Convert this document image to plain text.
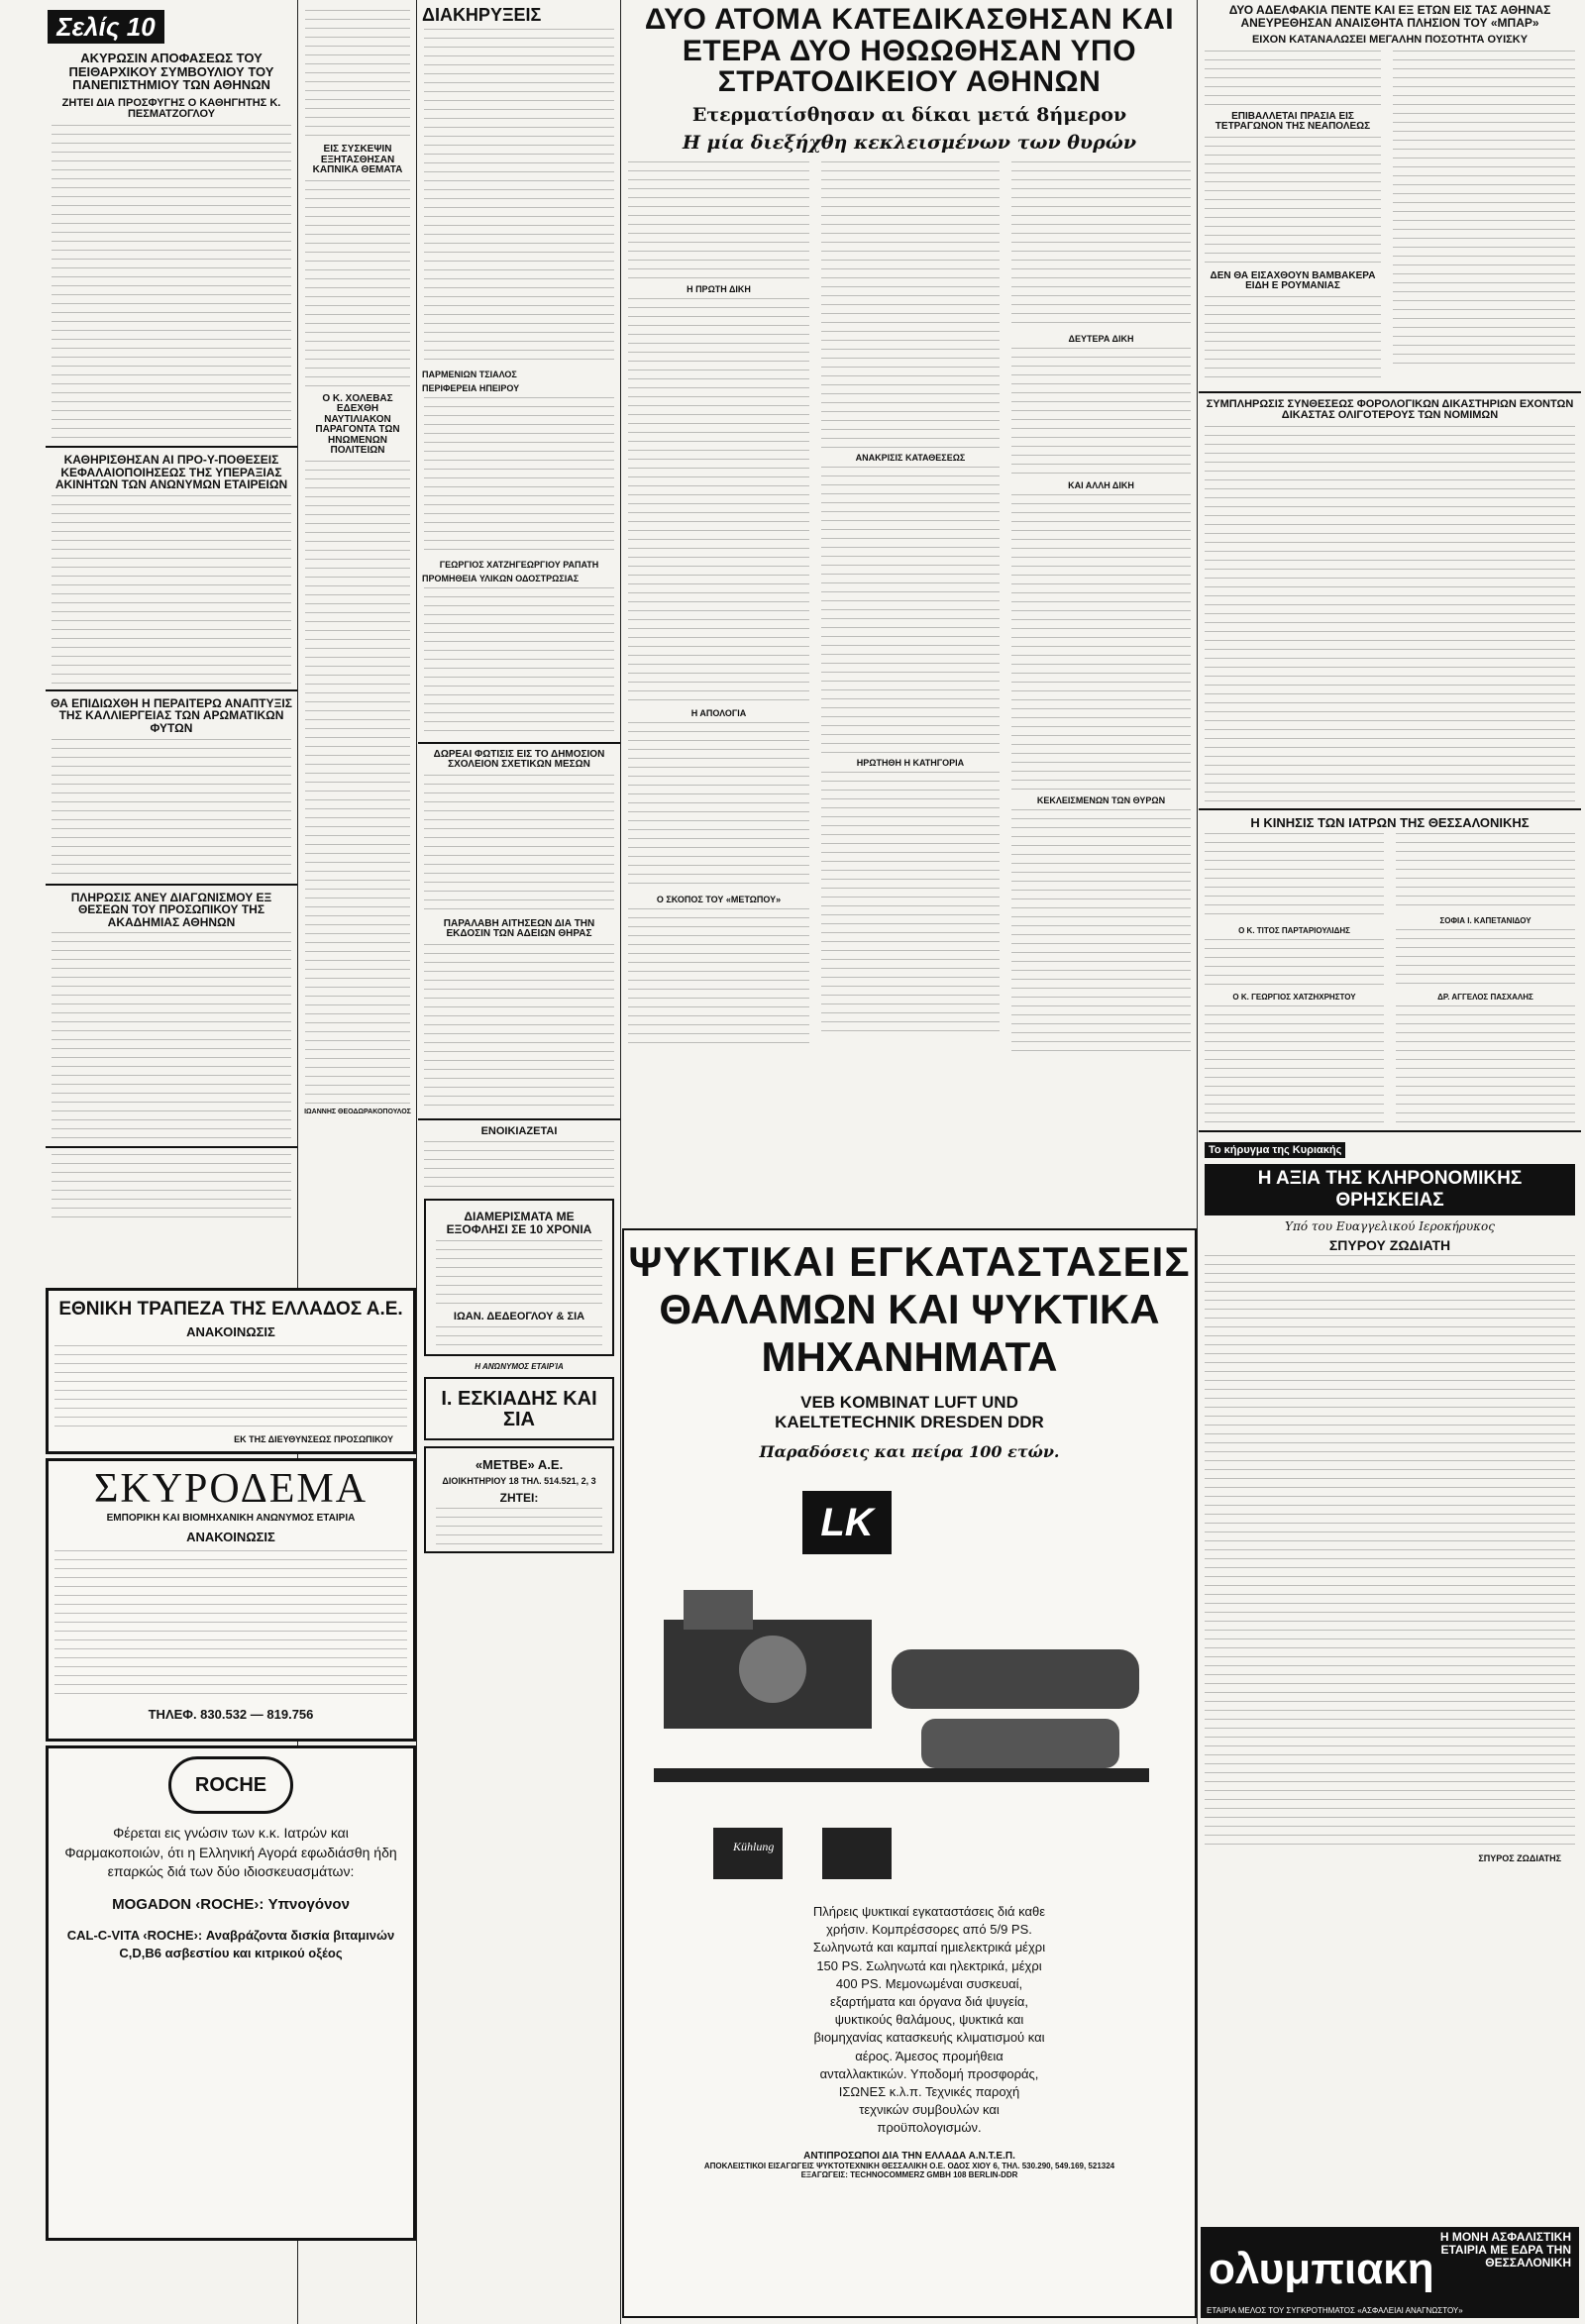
Σελίς 10
ΑΚΥΡΩΣΙΝ ΑΠΟΦΑΣΕΩΣ ΤΟΥ ΠΕΙΘΑΡΧΙΚΟΥ ΣΥΜΒΟΥΛΙΟΥ ΤΟΥ ΠΑΝΕΠΙΣΤΗΜΙΟΥ ΤΩΝ ΑΘΗΝΩΝ
ΖΗΤΕΙ ΔΙΑ ΠΡΟΣΦΥΓΗΣ Ο ΚΑΘΗΓΗΤΗΣ Κ. ΠΕΣΜΑΤΖΟΓΛΟΥ
ΚΑΘΗΡΙΣΘΗΣΑΝ ΑΙ ΠΡΟ-Υ-ΠΟΘΕΣΕΙΣ ΚΕΦΑΛΑΙΟΠΟΙΗΣΕΩΣ ΤΗΣ ΥΠΕΡΑΞΙΑΣ ΑΚΙΝΗΤΩΝ ΤΩΝ ΑΝΩΝΥΜΩΝ ΕΤΑΙΡΕΙΩΝ
ΘΑ ΕΠΙΔΙΩΧΘΗ Η ΠΕΡΑΙΤΕΡΩ ΑΝΑΠΤΥΞΙΣ ΤΗΣ ΚΑΛΛΙΕΡΓΕΙΑΣ ΤΩΝ ΑΡΩΜΑΤΙΚΩΝ ΦΥΤΩΝ
ΠΛΗΡΩΣΙΣ ΑΝΕΥ ΔΙΑΓΩΝΙΣΜΟΥ ΕΞ ΘΕΣΕΩΝ ΤΟΥ ΠΡΟΣΩΠΙΚΟΥ ΤΗΣ ΑΚΑΔΗΜΙΑΣ ΑΘΗΝΩΝ
ΕΘΝΙΚΗ ΤΡΑΠΕΖΑ ΤΗΣ ΕΛΛΑΔΟΣ Α.Ε.
ΑΝΑΚΟΙΝΩΣΙΣ
ΕΚ ΤΗΣ ΔΙΕΥΘΥΝΣΕΩΣ ΠΡΟΣΩΠΙΚΟΥ
ΣΚΥΡΟΔΕΜΑ
ΕΜΠΟΡΙΚΗ ΚΑΙ ΒΙΟΜΗΧΑΝΙΚΗ ΑΝΩΝΥΜΟΣ ΕΤΑΙΡΙΑ
ΑΝΑΚΟΙΝΩΣΙΣ
ΤΗΛΕΦ. 830.532 — 819.756
ROCHE
Φέρεται εις γνώσιν των κ.κ. Ιατρών και Φαρμακοποιών, ότι η Ελληνική Αγορά εφωδιάσθη ήδη επαρκώς διά των δύο ιδιοσκευασμάτων:
MOGADON ‹ROCHE›: Υπνογόνον
CAL-C-VITA ‹ROCHE›: Αναβράζοντα δισκία βιταμινών C,D,B6 ασβεστίου και κιτρικού οξέος
ΕΙΣ ΣΥΣΚΕΨΙΝ ΕΞΗΤΑΣΘΗΣΑΝ ΚΑΠΝΙΚΑ ΘΕΜΑΤΑ
Ο Κ. ΧΟΛΕΒΑΣ ΕΔΕΧΘΗ ΝΑΥΤΙΛΙΑΚΟΝ ΠΑΡΑΓΟΝΤΑ ΤΩΝ ΗΝΩΜΕΝΩΝ ΠΟΛΙΤΕΙΩΝ
ΙΩΑΝΝΗΣ ΘΕΟΔΩΡΑΚΟΠΟΥΛΟΣ
ΔΙΑΚΗΡΥΞΕΙΣ
ΠΑΡΜΕΝΙΩΝ ΤΣΙΑΛΟΣ
ΠΕΡΙΦΕΡΕΙΑ ΗΠΕΙΡΟΥ
ΓΕΩΡΓΙΟΣ ΧΑΤΖΗΓΕΩΡΓΙΟΥ ΡΑΠΑΤΗ
ΠΡΟΜΗΘΕΙΑ ΥΛΙΚΩΝ ΟΔΟΣΤΡΩΣΙΑΣ
ΔΩΡΕΑΙ ΦΩΤΙΣΙΣ ΕΙΣ ΤΟ ΔΗΜΟΣΙΟΝ ΣΧΟΛΕΙΟΝ ΣΧΕΤΙΚΩΝ ΜΕΣΩΝ
ΠΑΡΑΛΑΒΗ ΑΙΤΗΣΕΩΝ ΔΙΑ ΤΗΝ ΕΚΔΟΣΙΝ ΤΩΝ ΑΔΕΙΩΝ ΘΗΡΑΣ
ΕΝΟΙΚΙΑΖΕΤΑΙ
ΔΙΑΜΕΡΙΣΜΑΤΑ ΜΕ ΕΞΟΦΛΗΣΙ ΣΕ 10 ΧΡΟΝΙΑ
ΙΩΑΝ. ΔΕΔΕΟΓΛΟΥ & ΣΙΑ
Η ΑΝΏΝΥΜΟΣ ΕΤΑΙΡΊΑ
Ι. ΕΣΚΙΑΔΗΣ ΚΑΙ ΣΙΑ
«ΜΕΤΒΕ» Α.Ε.
ΔΙΟΙΚΗΤΗΡΙΟΥ 18 ΤΗΛ. 514.521, 2, 3
ΖΗΤΕΙ:
ΔΥΟ ΑΤΟΜΑ ΚΑΤΕΔΙΚΑΣΘΗΣΑΝ ΚΑΙ ΕΤΕΡΑ ΔΥΟ ΗΘΩΩΘΗΣΑΝ ΥΠΟ ΣΤΡΑΤΟΔΙΚΕΙΟΥ ΑΘΗΝΩΝ
Ετερματίσθησαν αι δίκαι μετά 8ήμερον
Η μία διεξήχθη κεκλεισμένων των θυρών
Η ΠΡΩΤΗ ΔΙΚΗ
Η ΑΠΟΛΟΓΙΑ
Ο ΣΚΟΠΟΣ ΤΟΥ «ΜΕΤΩΠΟΥ»
ΑΝΑΚΡΙΣΙΣ ΚΑΤΑΘΕΣΕΩΣ
ΗΡΩΤΗΘΗ Η ΚΑΤΗΓΟΡΙΑ
ΔΕΥΤΕΡΑ ΔΙΚΗ
ΚΑΙ ΑΛΛΗ ΔΙΚΗ
ΚΕΚΛΕΙΣΜΕΝΩΝ ΤΩΝ ΘΥΡΩΝ
ΨΥΚΤΙΚΑΙ ΕΓΚΑΤΑΣΤΑΣΕΙΣ
ΘΑΛΑΜΩΝ ΚΑΙ ΨΥΚΤΙΚΑ
ΜΗΧΑΝΗΜΑΤΑ
VEB KOMBINAT LUFT UND
KAELTETECHNIK DRESDEN DDR
Παραδόσεις και πείρα 100 ετών.
LK
Kühlung
Πλήρεις ψυκτικαί εγκαταστάσεις διά καθε χρήσιν. Κομπρέσσορες από 5/9 PS. Σωληνωτά και καμπαί ημιελεκτρικά μέχρι 150 PS. Σωληνωτά και ηλεκτρικά, μέχρι 400 PS. Μεμονωμέναι συσκευαί, εξαρτήματα και όργανα διά ψυγεία, ψυκτικούς θαλάμους, ψυκτικά και βιομηχανίας κατασκευής κλιματισμού και αέρος. Άμεσος προμήθεια ανταλλακτικών. Υποδομή προσφοράς, ΙΣΩΝΕΣ κ.λ.π. Τεχνικές παροχή τεχνικών συμβουλών και προϋπολογισμών.
ΑΝΤΙΠΡΟΣΩΠΟΙ ΔΙΑ ΤΗΝ ΕΛΛΑΔΑ Α.Ν.Τ.Ε.Π.
ΑΠΟΚΛΕΙΣΤΙΚΟΙ ΕΙΣΑΓΩΓΕΙΣ ΨΥΚΤΟΤΕΧΝΙΚΗ ΘΕΣΣΑΛΙΚΗ Ο.Ε. ΟΔΟΣ ΧΙΟΥ 6, ΤΗΛ. 530.290, 549.169, 521324
ΕΞΑΓΩΓΕΙΣ: TECHNOCOMMERZ GMBH 108 BERLIN-DDR
ΔΥΟ ΑΔΕΛΦΑΚΙΑ ΠΕΝΤΕ ΚΑΙ ΕΞ ΕΤΩΝ ΕΙΣ ΤΑΣ ΑΘΗΝΑΣ ΑΝΕΥΡΕΘΗΣΑΝ ΑΝΑΙΣΘΗΤΑ ΠΛΗΣΙΟΝ ΤΟΥ «ΜΠΑΡ»
ΕΙΧΟΝ ΚΑΤΑΝΑΛΩΣΕΙ ΜΕΓΑΛΗΝ ΠΟΣΟΤΗΤΑ ΟΥΙΣΚΥ
ΕΠΙΒΑΛΛΕΤΑΙ ΠΡΑΣΙΑ ΕΙΣ ΤΕΤΡΑΓΩΝΟΝ ΤΗΣ ΝΕΑΠΟΛΕΩΣ
ΔΕΝ ΘΑ ΕΙΣΑΧΘΟΥΝ ΒΑΜΒΑΚΕΡΑ ΕΙΔΗ Ε ΡΟΥΜΑΝΙΑΣ
ΣΥΜΠΛΗΡΩΣΙΣ ΣΥΝΘΕΣΕΩΣ ΦΟΡΟΛΟΓΙΚΩΝ ΔΙΚΑΣΤΗΡΙΩΝ ΕΧΟΝΤΩΝ ΔΙΚΑΣΤΑΣ ΟΛΙΓΟΤΕΡΟΥΣ ΤΩΝ ΝΟΜΙΜΩΝ
Η ΚΙΝΗΣΙΣ ΤΩΝ ΙΑΤΡΩΝ ΤΗΣ ΘΕΣΣΑΛΟΝΙΚΗΣ
Ο Κ. ΤΙΤΟΣ ΠΑΡΤΑΡΙΟΥΛΙΔΗΣ
Ο Κ. ΓΕΩΡΓΙΟΣ ΧΑΤΖΗΧΡΗΣΤΟΥ
ΣΟΦΙΑ Ι. ΚΑΠΕΤΑΝΙΔΟΥ
ΔΡ. ΑΓΓΕΛΟΣ ΠΑΣΧΑΛΗΣ
Το κήρυγμα της Κυριακής
Η ΑΞΙΑ ΤΗΣ ΚΛΗΡΟΝΟΜΙΚΗΣ ΘΡΗΣΚΕΙΑΣ
Υπό του Ευαγγελικού Ιεροκήρυκος
ΣΠΥΡΟΥ ΖΩΔΙΑΤΗ
ΣΠΥΡΟΣ ΖΩΔΙΑΤΗΣ
Η ΜΟΝΗ ΑΣΦΑΛΙΣΤΙΚΗ ΕΤΑΙΡΙΑ ΜΕ ΕΔΡΑ ΤΗΝ ΘΕΣΣΑΛΟΝΙΚΗ
ολυμπιακη
ΕΤΑΙΡΙΑ ΜΕΛΟΣ ΤΟΥ ΣΥΓΚΡΟΤΗΜΑΤΟΣ «ΑΣΦΑΛΕΙΑΙ ΑΝΑΓΝΩΣΤΟΥ»
